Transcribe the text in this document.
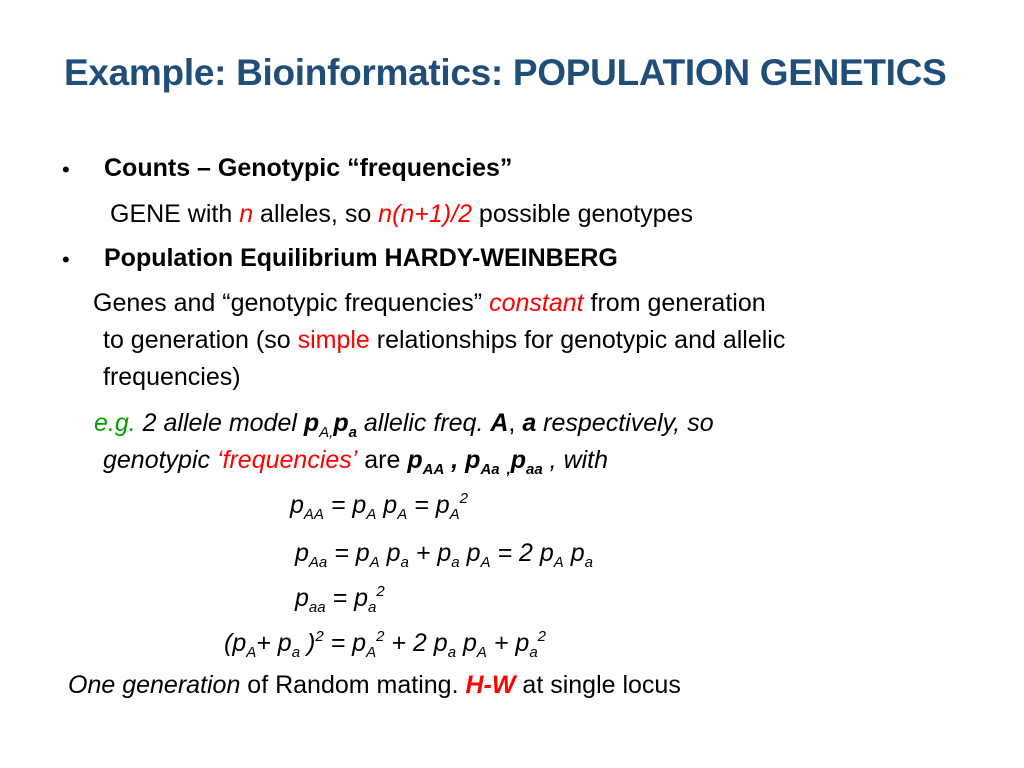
Example: Bioinformatics: POPULATION GENETICS
• Counts – Genotypic “frequencies”
GENE with n alleles, so n(n+1)/2 possible genotypes
• Population Equilibrium HARDY-WEINBERG
Genes and “genotypic frequencies” constant from generation
to generation (so simple relationships for genotypic and allelic
frequencies)
e.g. 2 allele model $p_{A,}p_a$ allelic freq. A, a respectively, so
genotypic ‘frequencies’ are $p_{AA}$ , $p_{Aa}$ $_,p_{aa}$ , with
$p_{AA} = p_A$ $p_A = p_A^2$
$p_{Aa} = p_A$ $p_a + p_a$ $p_A = 2$ $p_A$ $p_a$
$p_{aa} = p_a^2$
($p_A+ p_a$ )$^2 = p_A^2 + 2$ $p_a$ $p_A + p_a^2$
One generation of Random mating. H-W at single locus
